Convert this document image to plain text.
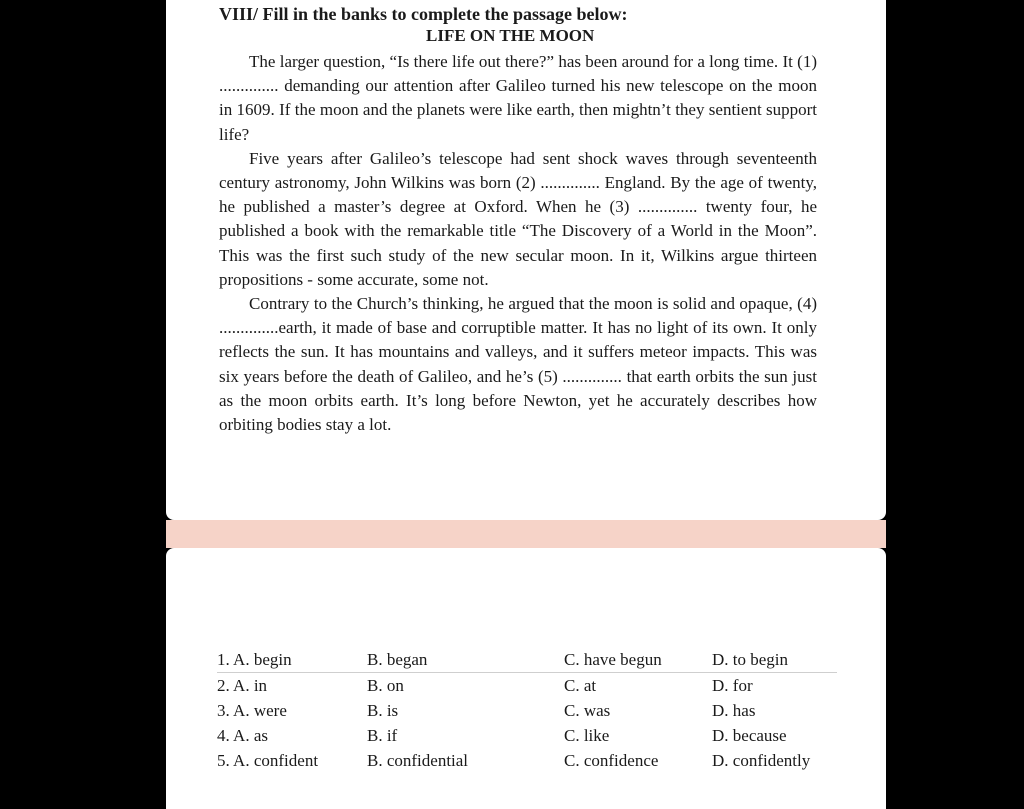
VIII/ Fill in the banks to complete the passage below:
LIFE ON THE MOON

The larger question, “Is there life out there?” has been around for a long time. It (1) .............. demanding our attention after Galileo turned his new telescope on the moon in 1609. If the moon and the planets were like earth, then mightn’t they sentient support life?

Five years after Galileo’s telescope had sent shock waves through seventeenth century astronomy, John Wilkins was born (2) .............. England. By the age of twenty, he published a master’s degree at Oxford. When he (3) .............. twenty four, he published a book with the remarkable title “The Discovery of a World in the Moon”. This was the first such study of the new secular moon. In it, Wilkins argue thirteen propositions - some accurate, some not.

Contrary to the Church’s thinking, he argued that the moon is solid and opaque, (4) ..............earth, it made of base and corruptible matter. It has no light of its own. It only reflects the sun. It has mountains and valleys, and it suffers meteor impacts. This was six years before the death of Galileo, and he’s (5) .............. that earth orbits the sun just as the moon orbits earth. It’s long before Newton, yet he accurately describes how orbiting bodies stay a lot.

1. A. begin	B. began	C. have begun	D. to begin
2. A. in	B. on	C. at	D. for
3. A. were	B. is	C. was	D. has
4. A. as	B. if	C. like	D. because
5. A. confident	B. confidential	C. confidence	D. confidently
